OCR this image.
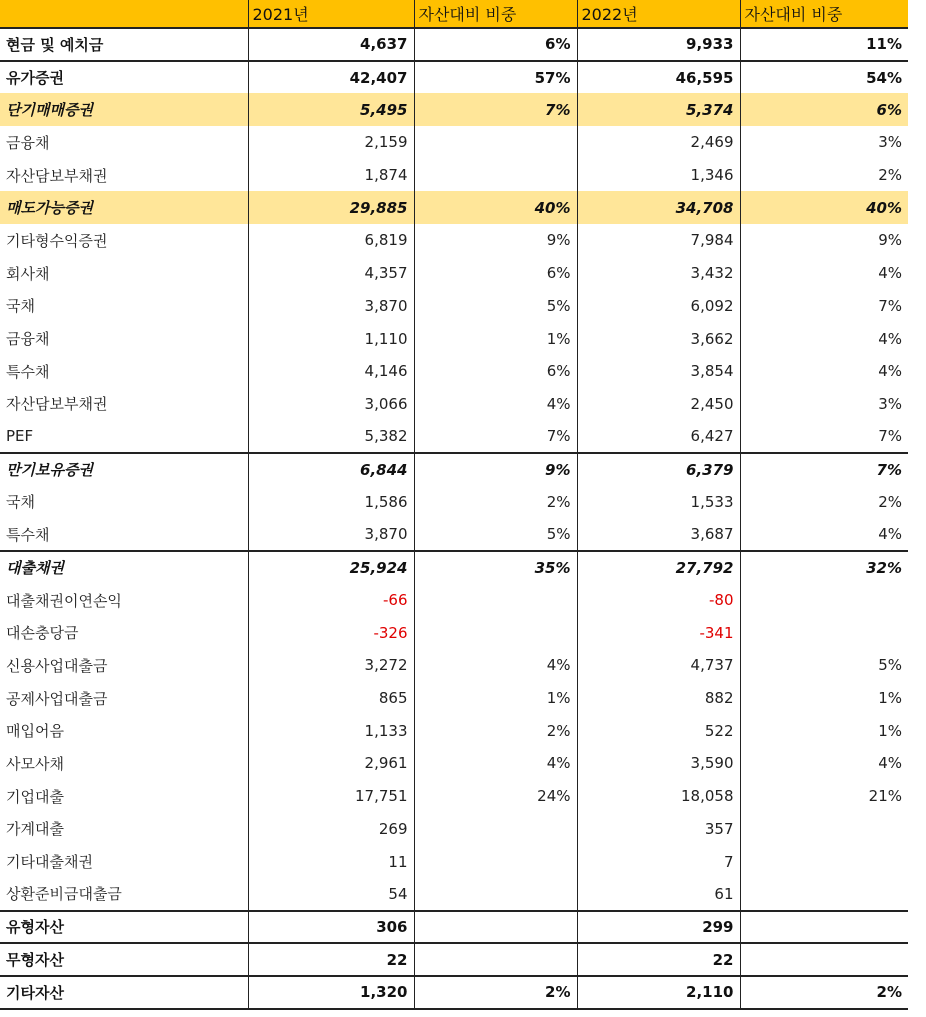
	2021년	자산대비 비중	2022년	자산대비 비중
현금 및 예치금	4,637	6%	9,933	11%
유가증권	42,407	57%	46,595	54%
단기매매증권	5,495	7%	5,374	6%
금융채	2,159		2,469	3%
자산담보부채권	1,874		1,346	2%
매도가능증권	29,885	40%	34,708	40%
기타형수익증권	6,819	9%	7,984	9%
회사채	4,357	6%	3,432	4%
국채	3,870	5%	6,092	7%
금융채	1,110	1%	3,662	4%
특수채	4,146	6%	3,854	4%
자산담보부채권	3,066	4%	2,450	3%
PEF	5,382	7%	6,427	7%
만기보유증권	6,844	9%	6,379	7%
국채	1,586	2%	1,533	2%
특수채	3,870	5%	3,687	4%
대출채권	25,924	35%	27,792	32%
대출채권이연손익	-66		-80	
대손충당금	-326		-341	
신용사업대출금	3,272	4%	4,737	5%
공제사업대출금	865	1%	882	1%
매입어음	1,133	2%	522	1%
사모사채	2,961	4%	3,590	4%
기업대출	17,751	24%	18,058	21%
가계대출	269		357	
기타대출채권	11		7	
상환준비금대출금	54		61	
유형자산	306		299	
무형자산	22		22	
기타자산	1,320	2%	2,110	2%
